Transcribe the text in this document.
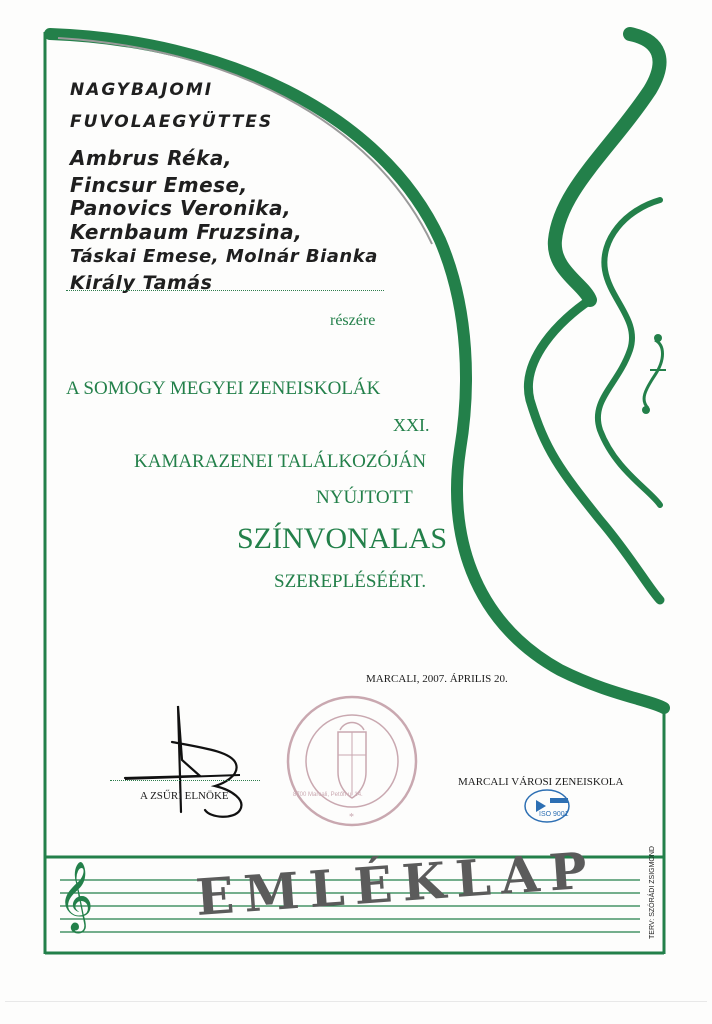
*
NAGYBAJOMI
FUVOLAEGYÜTTES
Ambrus Réka,
Fincsur Emese,
Panovics Veronika,
Kernbaum Fruzsina,
Táskai Emese, Molnár Bianka
Király Tamás
részére
A SOMOGY MEGYEI ZENEISKOLÁK
XXI.
KAMARAZENEI TALÁLKOZÓJÁN
NYÚJTOTT
SZÍNVONALAS
SZEREPLÉSÉÉRT.
MARCALI, 2007. ÁPRILIS 20.
A ZSŰRI ELNÖKE	8700 Marcali, Petőfi u. 14.
MARCALI VÁROSI ZENEISKOLA
ISO 9001
𝄞 EMLÉKLAP	TERV: SZÓRÁDI ZSIGMOND
